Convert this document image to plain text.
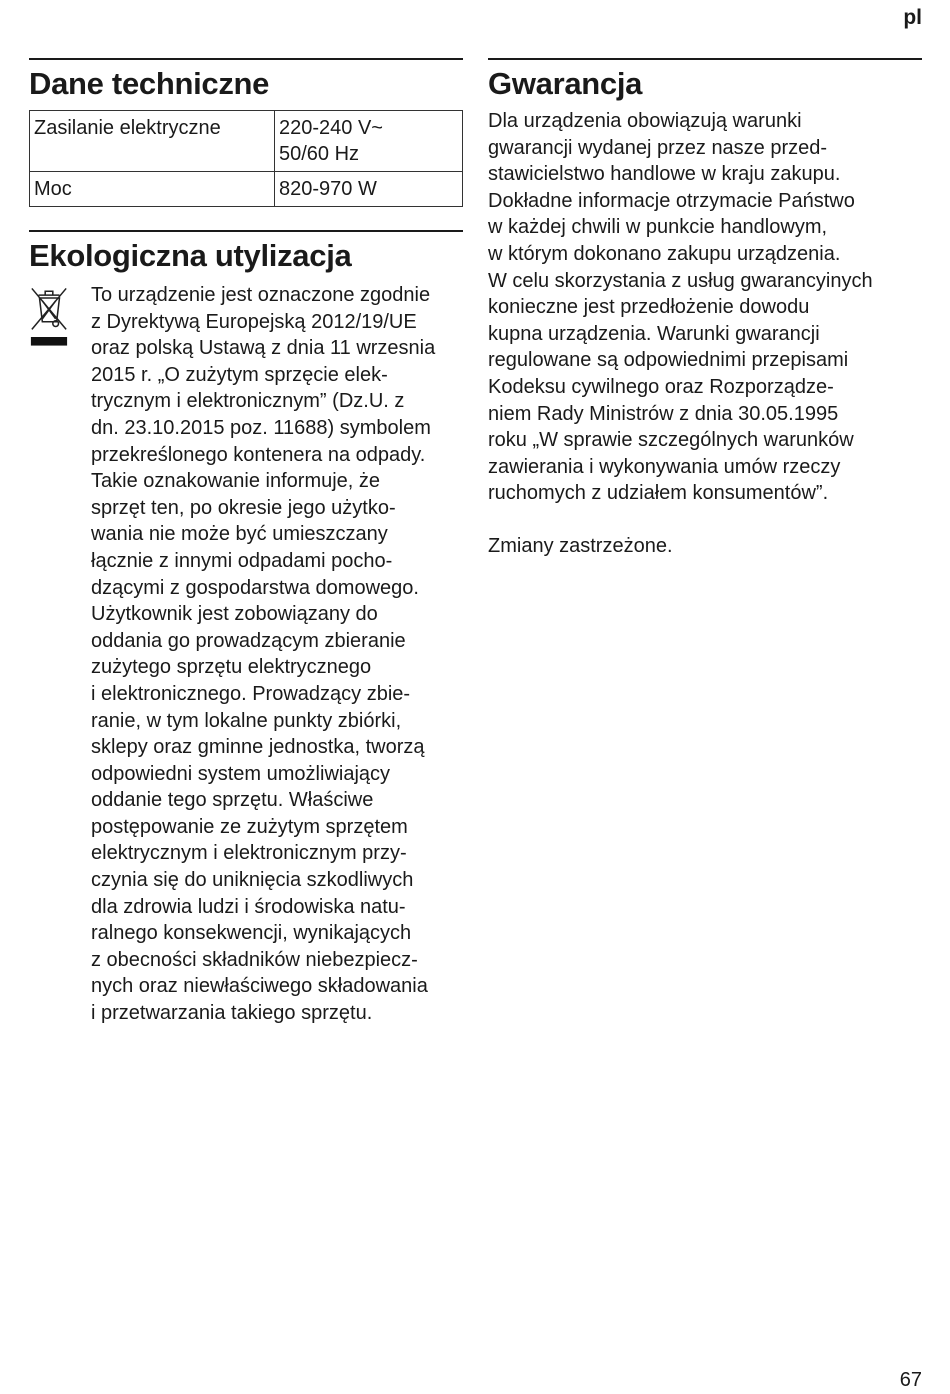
pl
Dane techniczne
Zasilanie elektryczne	220-240 V~
50/60 Hz
Moc	820-970 W
Ekologiczna utylizacja
To urządzenie jest oznaczone zgodnie
z Dyrektywą Europejską 2012/19/UE
oraz polską Ustawą z dnia 11 wrzesnia
2015 r. „O zużytym sprzęcie elek-
trycznym i elektronicznym” (Dz.U. z
dn. 23.10.2015 poz. 11688) symbolem
przekreślonego kontenera na odpady.
Takie oznakowanie informuje, że
sprzęt ten, po okresie jego użytko-
wania nie może być umieszczany
łącznie z innymi odpadami pocho-
dzącymi z gospodarstwa domowego.
Użytkownik jest zobowiązany do
oddania go prowadzącym zbieranie
zużytego sprzętu elektrycznego
i elektronicznego. Prowadzący zbie-
ranie, w tym lokalne punkty zbiórki,
sklepy oraz gminne jednostka, tworzą
odpowiedni system umożliwiający
oddanie tego sprzętu. Właściwe
postępowanie ze zużytym sprzętem
elektrycznym i elektronicznym przy-
czynia się do uniknięcia szkodliwych
dla zdrowia ludzi i środowiska natu-
ralnego konsekwencji, wynikających
z obecności składników niebezpiecz-
nych oraz niewłaściwego składowania
i przetwarzania takiego sprzętu.
Gwarancja
Dla urządzenia obowiązują warunki
gwarancji wydanej przez nasze przed-
stawicielstwo handlowe w kraju zakupu.
Dokładne informacje otrzymacie Państwo
w każdej chwili w punkcie handlowym,
w którym dokonano zakupu urządzenia.
W celu skorzystania z usług gwarancyinych
konieczne jest przedłożenie dowodu
kupna urządzenia. Warunki gwarancji
regulowane są odpowiednimi przepisami
Kodeksu cywilnego oraz Rozporządze-
niem Rady Ministrów z dnia 30.05.1995
roku „W sprawie szczególnych warunków
zawierania i wykonywania umów rzeczy
ruchomych z udziałem konsumentów”.
Zmiany zastrzeżone.
67
